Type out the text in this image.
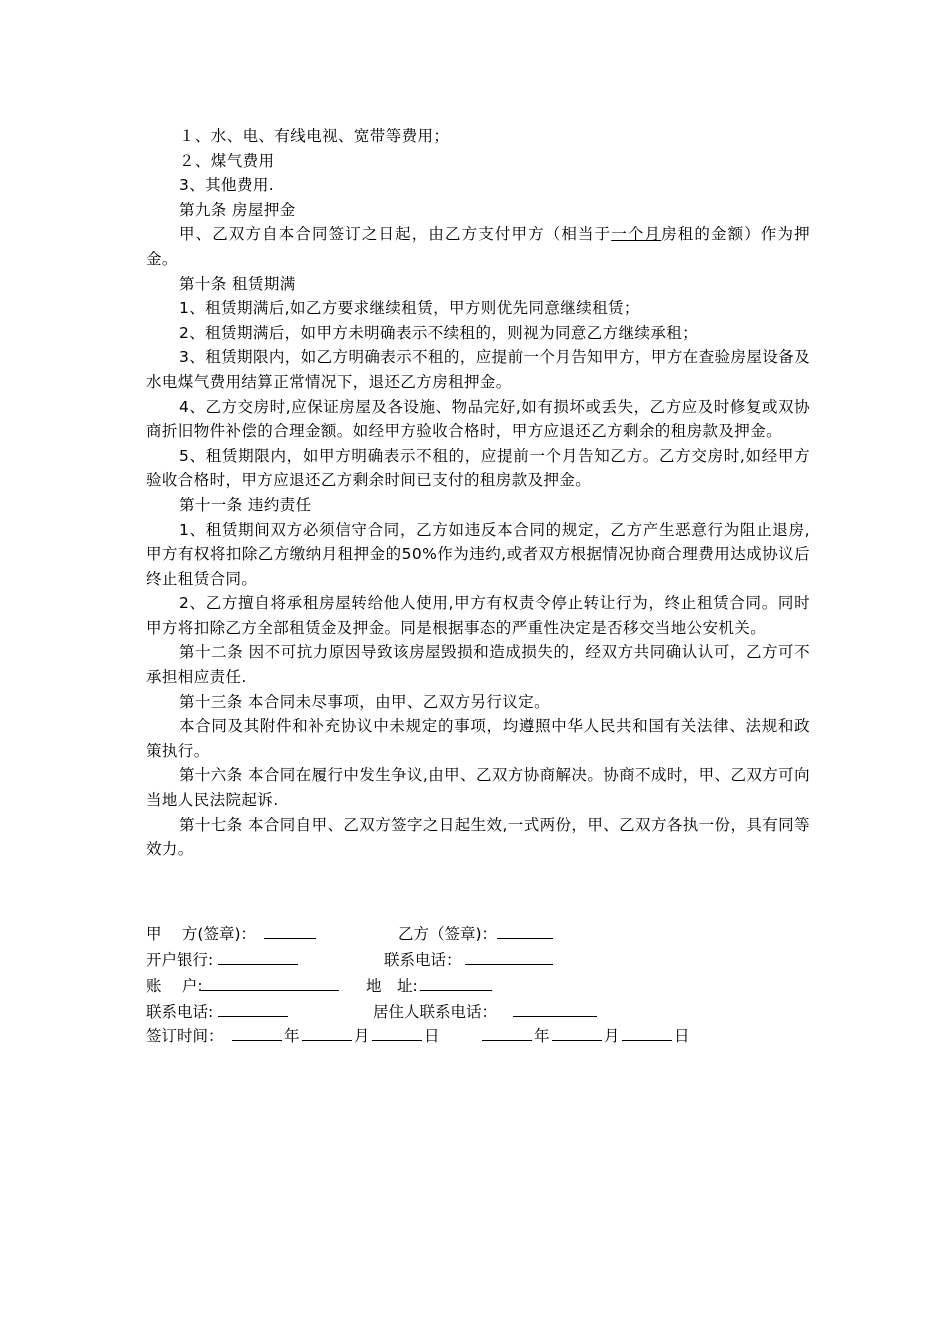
１、水、电、有线电视、宽带等费用；

２、煤气费用

3、其他费用.

第九条 房屋押金

甲、乙双方自本合同签订之日起，由乙方支付甲方（相当于一个月房租的金额）作为押金。

第十条 租赁期满

1、租赁期满后,如乙方要求继续租赁，甲方则优先同意继续租赁；

2、租赁期满后，如甲方未明确表示不续租的，则视为同意乙方继续承租；

3、租赁期限内，如乙方明确表示不租的，应提前一个月告知甲方，甲方在查验房屋设备及水电煤气费用结算正常情况下，退还乙方房租押金。

4、乙方交房时,应保证房屋及各设施、物品完好,如有损坏或丢失，乙方应及时修复或双协商折旧物件补偿的合理金额。如经甲方验收合格时，甲方应退还乙方剩余的租房款及押金。

5、租赁期限内，如甲方明确表示不租的，应提前一个月告知乙方。乙方交房时,如经甲方验收合格时，甲方应退还乙方剩余时间已支付的租房款及押金。

第十一条 违约责任

1、租赁期间双方必须信守合同，乙方如违反本合同的规定，乙方产生恶意行为阻止退房,甲方有权将扣除乙方缴纳月租押金的50%作为违约,或者双方根据情况协商合理费用达成协议后终止租赁合同。

2、乙方擅自将承租房屋转给他人使用,甲方有权责令停止转让行为，终止租赁合同。同时甲方将扣除乙方全部租赁金及押金。同是根据事态的严重性决定是否移交当地公安机关。

第十二条 因不可抗力原因导致该房屋毁损和造成损失的，经双方共同确认认可，乙方可不承担相应责任.

第十三条 本合同未尽事项，由甲、乙双方另行议定。

本合同及其附件和补充协议中未规定的事项，均遵照中华人民共和国有关法律、法规和政策执行。

第十六条 本合同在履行中发生争议,由甲、乙双方协商解决。协商不成时，甲、乙双方可向当地人民法院起诉.

第十七条 本合同自甲、乙双方签字之日起生效,一式两份，甲、乙双方各执一份，具有同等效力。

甲　 方(签章)：	乙方（签章)：
开户银行:	联系电话：
账　 户:	地　址:
联系电话:	居住人联系电话：
签订时间：	年	月	日	年	月	日
